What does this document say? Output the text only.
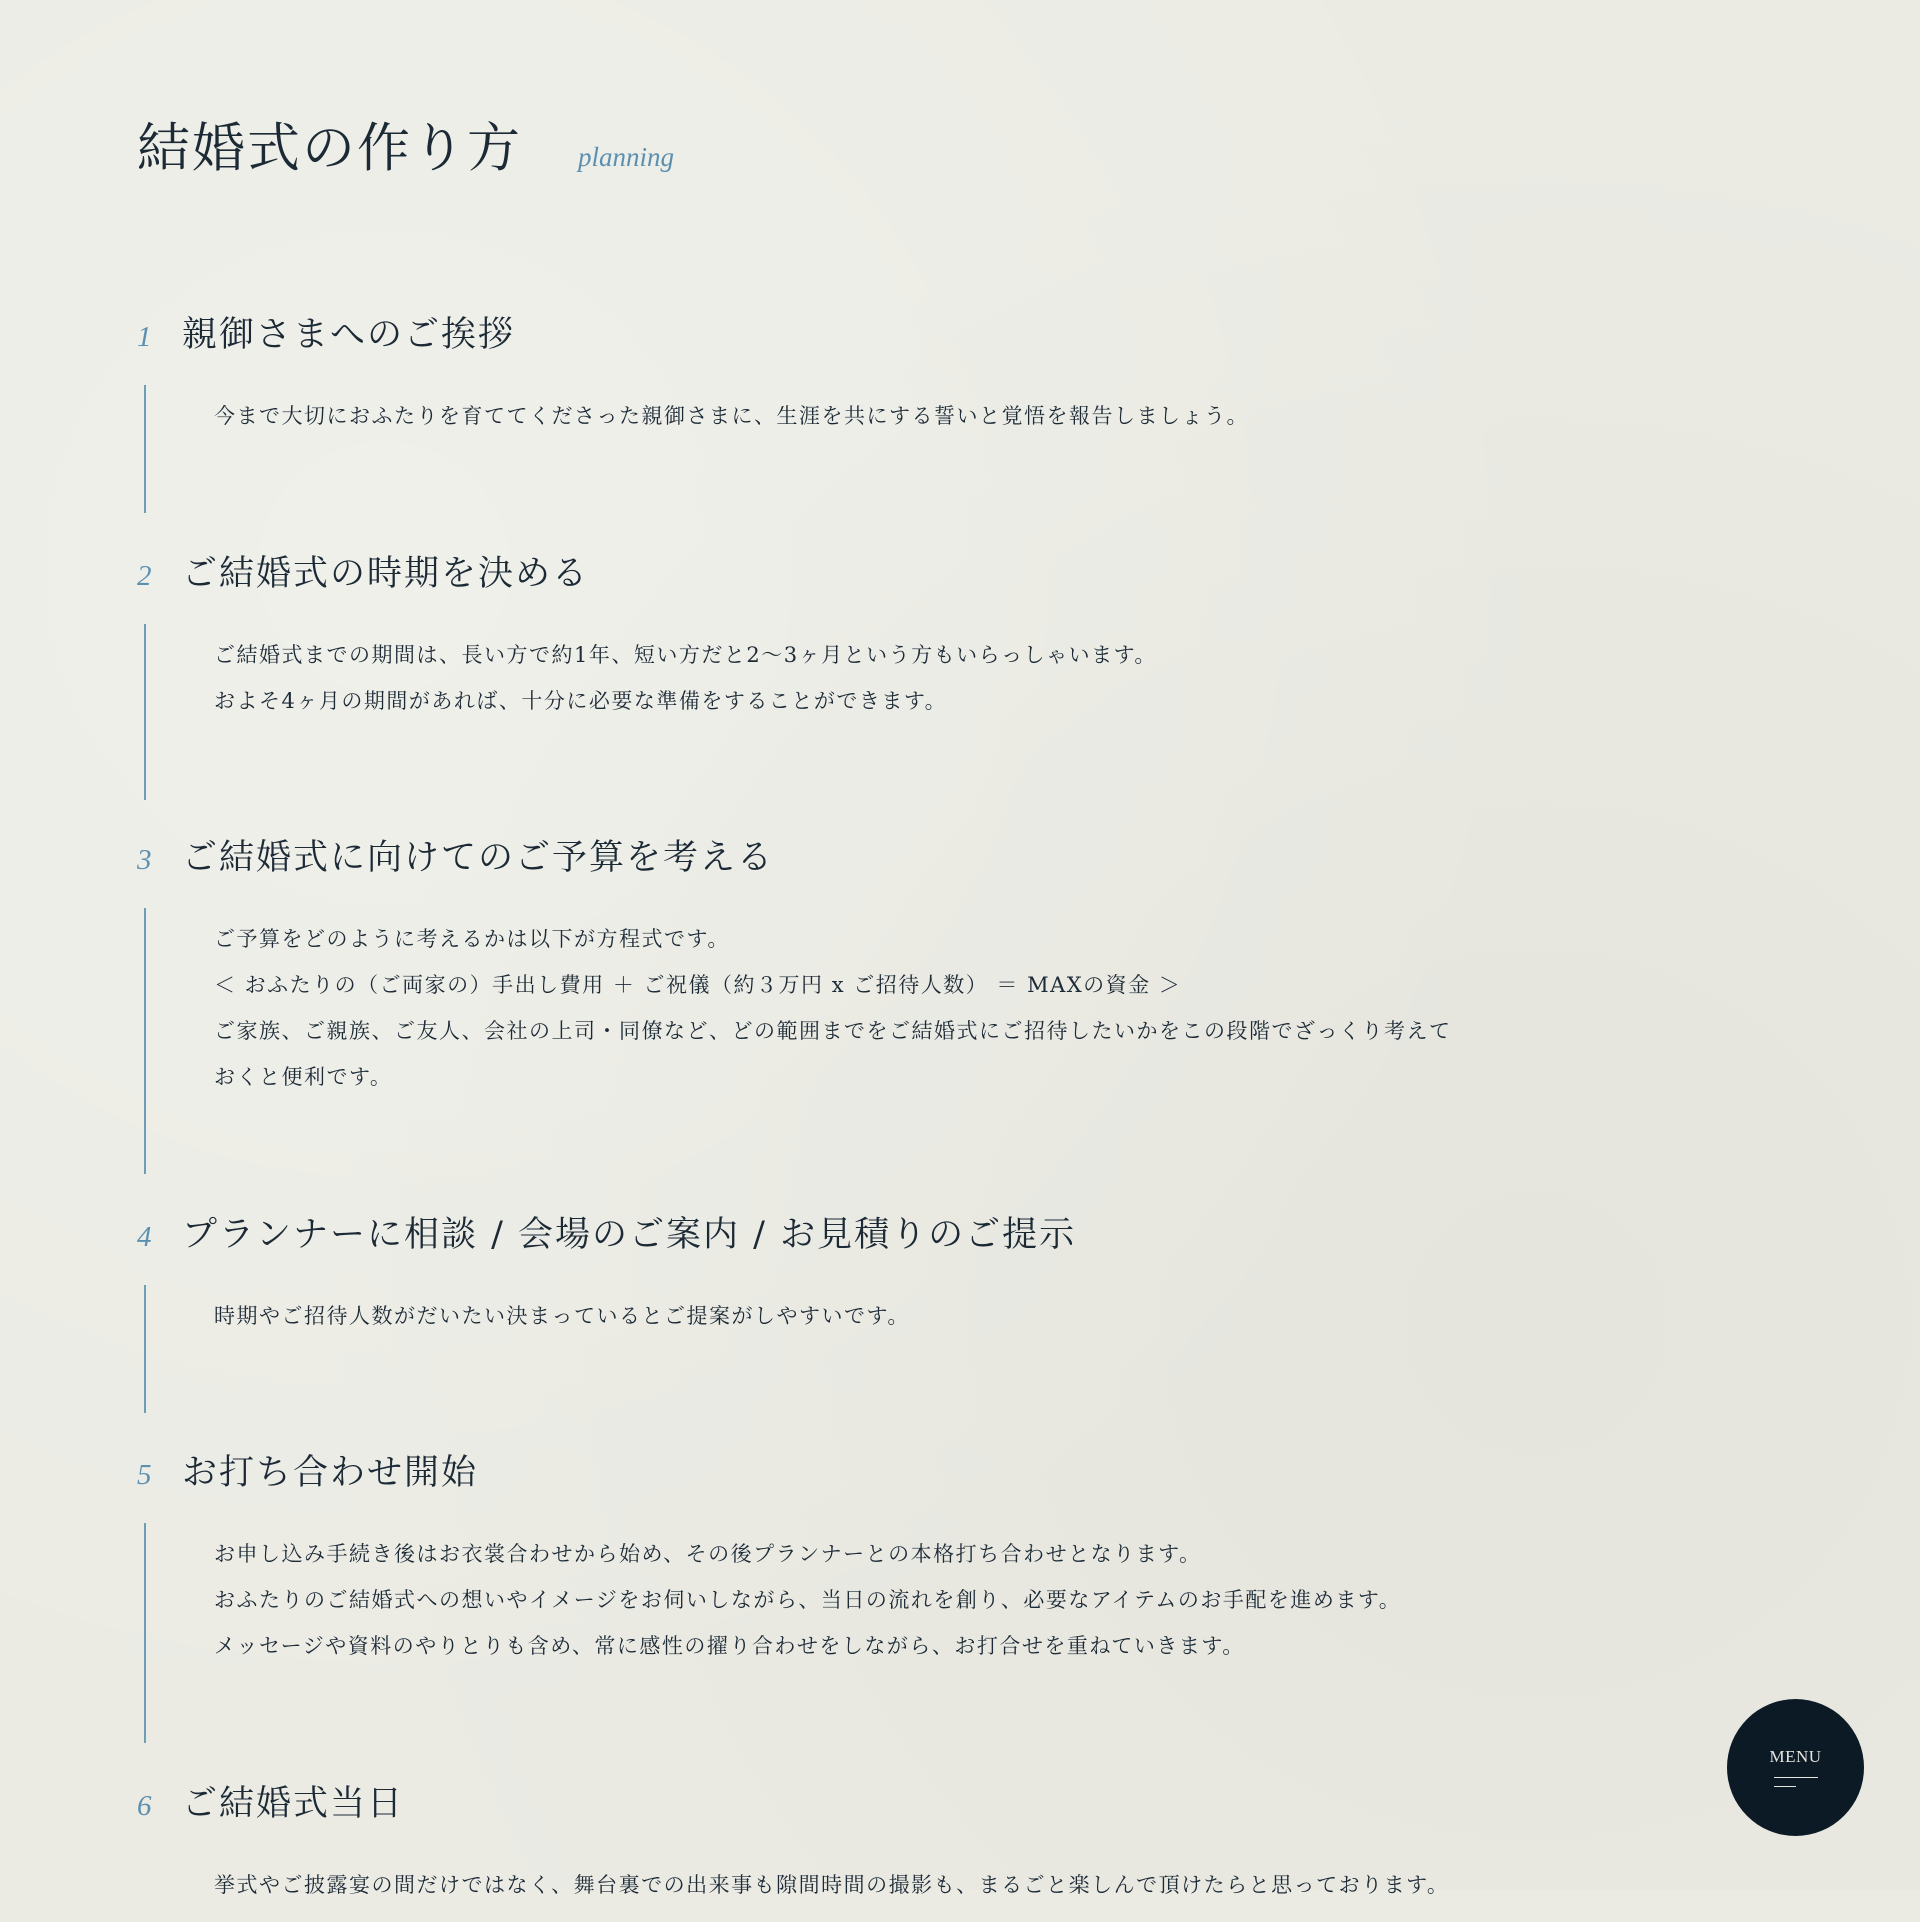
結婚式の作り方 planning
1 親御さまへのご挨拶

今まで大切におふたりを育ててくださった親御さまに、生涯を共にする誓いと覚悟を報告しましょう。

2 ご結婚式の時期を決める

ご結婚式までの期間は、長い方で約1年、短い方だと2〜3ヶ月という方もいらっしゃいます。

およそ4ヶ月の期間があれば、十分に必要な準備をすることができます。

3 ご結婚式に向けてのご予算を考える

ご予算をどのように考えるかは以下が方程式です。

＜ おふたりの（ご両家の）手出し費用 ＋ ご祝儀（約３万円 x ご招待人数） ＝ MAXの資金 ＞

ご家族、ご親族、ご友人、会社の上司・同僚など、どの範囲までをご結婚式にご招待したいかをこの段階でざっくり考えて

おくと便利です。

4 プランナーに相談 / 会場のご案内 / お見積りのご提示

時期やご招待人数がだいたい決まっているとご提案がしやすいです。

5 お打ち合わせ開始

お申し込み手続き後はお衣裳合わせから始め、その後プランナーとの本格打ち合わせとなります。

おふたりのご結婚式への想いやイメージをお伺いしながら、当日の流れを創り、必要なアイテムのお手配を進めます。

メッセージや資料のやりとりも含め、常に感性の擢り合わせをしながら、お打合せを重ねていきます。

6 ご結婚式当日

挙式やご披露宴の間だけではなく、舞台裏での出来事も隙間時間の撮影も、まるごと楽しんで頂けたらと思っております。

MENU
